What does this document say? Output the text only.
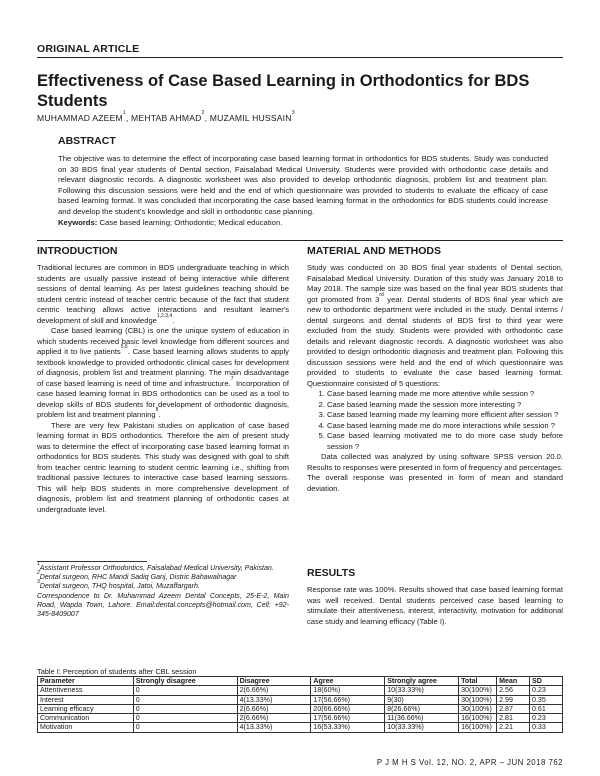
ORIGINAL ARTICLE
Effectiveness of Case Based Learning in Orthodontics for BDS Students
MUHAMMAD AZEEM$^1$, MEHTAB AHMAD$^2$, MUZAMIL HUSSAIN$^3$
ABSTRACT

The objective was to determine the effect of incorporating case based learning format in orthodontics for BDS students. Study was conducted on 30 BDS final year students of Dental section, Faisalabad Medical University. Students were provided with orthodontic case details and relevant diagnostic records. A diagnostic worksheet was also provided to develop orthodontic diagnosis, problem list and treatment plan. Following this discussion sessions were held and the end of which questionnaire was provided to students to evaluate the efficacy of case based learning format. It was concluded that incorporating the case based learning format in the orthodontics for BDS students could increase and develop the student's knowledge and skill in orthodontic case planning.

Keywords: Case based learning; Orthodontic; Medical education.

INTRODUCTION

Traditional lectures are common in BDS undergraduate teaching in which students are usually passive instead of being interactive while different sessions of dental learning. As per latest guidelines teaching should be student centric instead of teacher centric because of the fact that student centric teaching allows active interactions and resultant learner's development of skill and knowledge$^{1,2,3,4}$.

Case based learning (CBL) is one the unique system of education in which students received basic level knowledge from different sources and applied it to live patients$^{5,6}$. Case based learning allows students to apply textbook knowledge to provided orthodontic clinical cases for development of diagnosis, problem list and treatment planning. The main disadvantage of case based learning is need of time and infrastructure.$^7$ Incorporation of case based learning format in BDS orthodontics can be used as a tool to develop skills of BDS students for development of orthodontic diagnosis, problem list and treatment planning$^8$.

There are very few Pakistani studies on application of case based learning format in BDS orthodontics. Therefore the aim of present study was to determine the effect of incorporating case based learning format in orthodontics for BDS students. This study was designed with goal to shift from teacher centric learning to student centric learning i.e., shifting from traditional passive lectures to interactive case based learning sessions. This will help BDS students in more comprehensive development of diagnosis, problem list and treatment planning of orthodontic cases at undergraduate level.

$^1$Assistant Professor Orthodontics, Faisalabad Medical University, Pakistan.

$^2$Dental surgeon, RHC Mandi Sadiq Ganj, Distric Bahawalnagar

$^3$Dental surgeon, THQ hospital, Jatoi, Muzaffargarh.

Correspondence to Dr. Muhammad Azeem Dental Concepts, 25-E-2, Main Road, Wapda Town, Lahore. Email:dental.concepts@hotmail.com, Cell: +92-345-8409007

MATERIAL AND METHODS

Study was conducted on 30 BDS final year students of Dental section, Faisalabad Medical University. Duration of this study was January 2018 to May 2018. The sample size was based on the final year BDS students that got promoted from 3rd year. Dental students of BDS final year which are new to orthodontic department were included in the study. Dental interns / dental surgeons and dental students of BDS first to third year were excluded from the study. Students were provided with orthodontic case details and relevant diagnostic records. A diagnostic worksheet was also provided to design orthodontic diagnosis and treatment plan. Following this discussion sessions were held and the end of which questionnaire was provided to students to evaluate the case based learning format. Questionnaire consisted of 5 questions:

1. Case based learning made me more attentive while session ?
2. Case based learning made the session more interesting ?
3. Case based learning made my learning more efficient after session ?
4. Case based learning made me do more interactions while session ?
5. Case based learning motivated me to do more case study before session ?

Data collected was analyzed by using software SPSS version 20.0. Results to responses were presented in form of frequency and percentages. The overall response was presented in form of mean and standard deviation.

RESULTS

Response rate was 100%. Results showed that case based learning format was well received. Dental students perceived case based learning to stimulate their attentiveness, interest, interactivity, motivation for additional case study and learning efficacy (Table I).

Table I: Perception of students after CBL session
Parameter	Strongly disagree	Disagree	Agree	Strongly agree	Total	Mean	SD
Attentiveness	0	2(6.66%)	18(60%)	10(33.33%)	30(100%)	2.56	0.23
Interest	0	4(13.33%)	17(56.66%)	9(30)	30(100%)	2.99	0.35
Learning efficacy	0	2(6.66%)	20(66.66%)	8(26.66%)	30(100%)	2.87	0.61
Communication	0	2(6.66%)	17(56.66%)	11(36.66%)	16(100%)	2.81	0.23
Motivation	0	4(13.33%)	16(53.33%)	10(33.33%)	16(100%)	2.21	0.33
P J M H S Vol. 12, NO. 2, APR – JUN 2018 762
